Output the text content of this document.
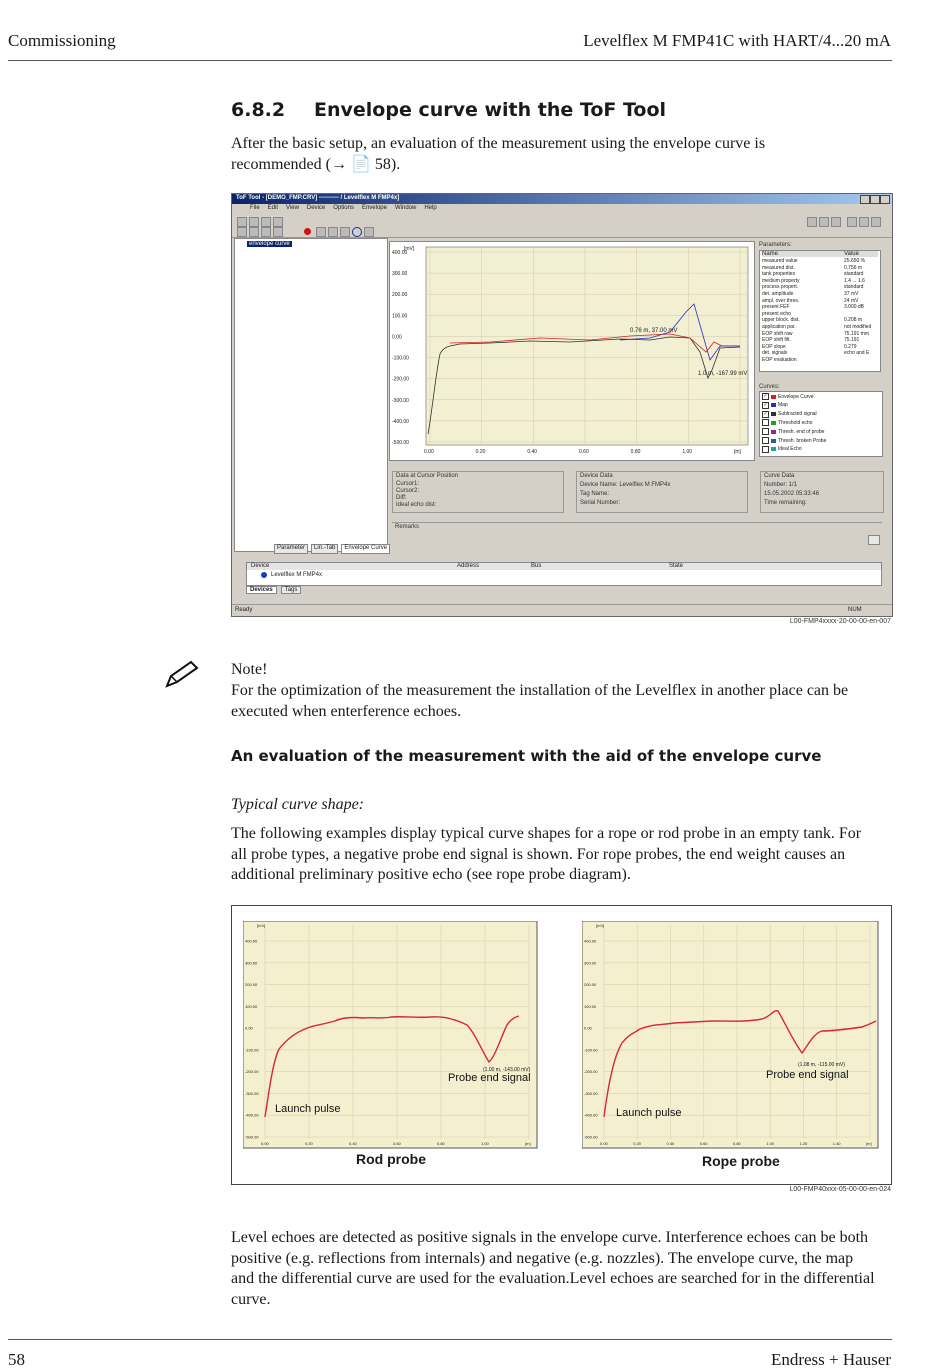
Commissioning	Levelflex M FMP41C with HART/4...20 mA
6.8.2 Envelope curve with the ToF Tool
After the basic setup, an evaluation of the measurement using the envelope curve is
recommended (→ 📄 58).
ToF Tool - [DEMO_FMP.CRV] ---------- / Levelflex M FMP4x]
File Edit View Device Options Envelope Window Help
envelope curve
Parameter	Lin.-Tab	Envelope Curve
400.00
300.00
200.00
100.00
0.00
-100.00
-200.00
-300.00
-400.00
-500.00
0.00	0.20	0.40	0.60	0.80	1.00	[m]
0.76 m, 37.00 mV
1.0 m, -167.99 mV
[mV]
Parameters:
Name	Value
measured value	25.650 %
measured dist.	0.756 m
tank properties	standard
medium property	1.4 ... 1.6
process propert.	standard
det. amplitude	37 mV
ampl. over thres.	24 mV
present FEF	3.000 dB
present echo
upper block. dist.	0.208 m
application par.	not modified
EOP shift raw	75.191 mm
EOP shift filt.	75.191
EOP slope	0.279
det. signals	echo and E
EOP evaluation
Curves:
✓ Envelope Curve
✓ Map
✓ Subtracted signal
Threshold echo
Thresh. end of probe
Thresh. broken Probe
Ideal Echo
Data at Cursor Position
Cursor1:
Cursor2:
Diff:
Ideal echo dist:
Device Data
Device Name: Levelflex M FMP4x
Tag Name:
Serial Number:
Curve Data
Number: 1/1
15.05.2002 05:33:46
Time remaining:
Remarks
Device	Address	Bus	State
Levelflex M FMP4x
Devices	Tags
Ready	NUM
L00-FMP4xxxx-20-00-00-en-007
Note!
For the optimization of the measurement the installation of the Levelflex in another place can be
executed when enterference echoes.
An evaluation of the measurement with the aid of the envelope curve
Typical curve shape:
The following examples display typical curve shapes for a rope or rod probe in an empty tank. For
all probe types, a negative probe end signal is shown. For rope probes, the end weight causes an
additional preliminary positive echo (see rope probe diagram).
[mV]
400.00
300.00
200.00
100.00
0.00
-100.00
-200.00
-300.00
-400.00
-500.00
0.00	0.20	0.40	0.60	0.80	1.00	[m]
(1.00 m, -143.00 mV)
Probe end signal
Launch pulse
Rod probe
[mV]
400.00
300.00
200.00
100.00
0.00
-100.00
-200.00
-300.00
-400.00
-500.00
0.00	0.20	0.40	0.60	0.80	1.00	1.20	1.40	[m]
(1.08 m, -115.00 mV)
Probe end signal
Launch pulse
Rope probe
L00-FMP40xxx-05-00-00-en-024
Level echoes are detected as positive signals in the envelope curve. Interference echoes can be both
positive (e.g. reflections from internals) and negative (e.g. nozzles). The envelope curve, the map
and the differential curve are used for the evaluation.Level echoes are searched for in the differential
curve.
58	Endress + Hauser
